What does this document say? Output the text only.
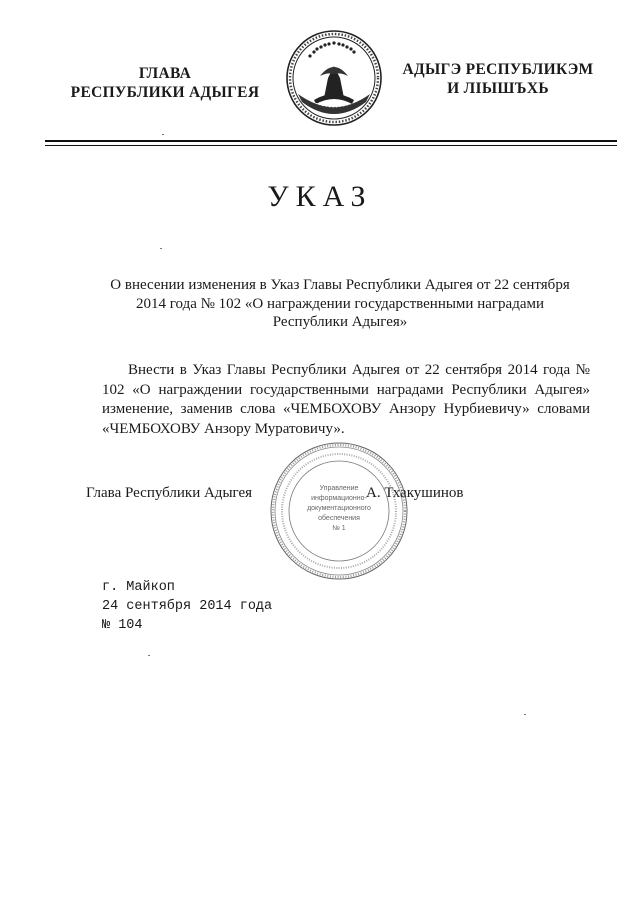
ГЛАВА
РЕСПУБЛИКИ АДЫГЕЯ
АДЫГЭ РЕСПУБЛИКЭМ
И ЛІЫШЪХЬ
УКАЗ
О внесении изменения в Указ Главы Республики Адыгея от 22 сентября
2014 года № 102 «О награждении государственными наградами
Республики Адыгея»
Внести в Указ Главы Республики Адыгея от 22 сентября 2014 года № 102 «О награждении государственными наградами Республики Адыгея» изменение, заменив слова «ЧЕМБОХОВУ Анзору Нурбиевичу» словами «ЧЕМБОХОВУ Анзору Муратовичу».
Управление
информационно-
документационного
обеспечения
№ 1
Глава Республики Адыгея	А. Тхакушинов
г. Майкоп
24 сентября 2014 года
№ 104
